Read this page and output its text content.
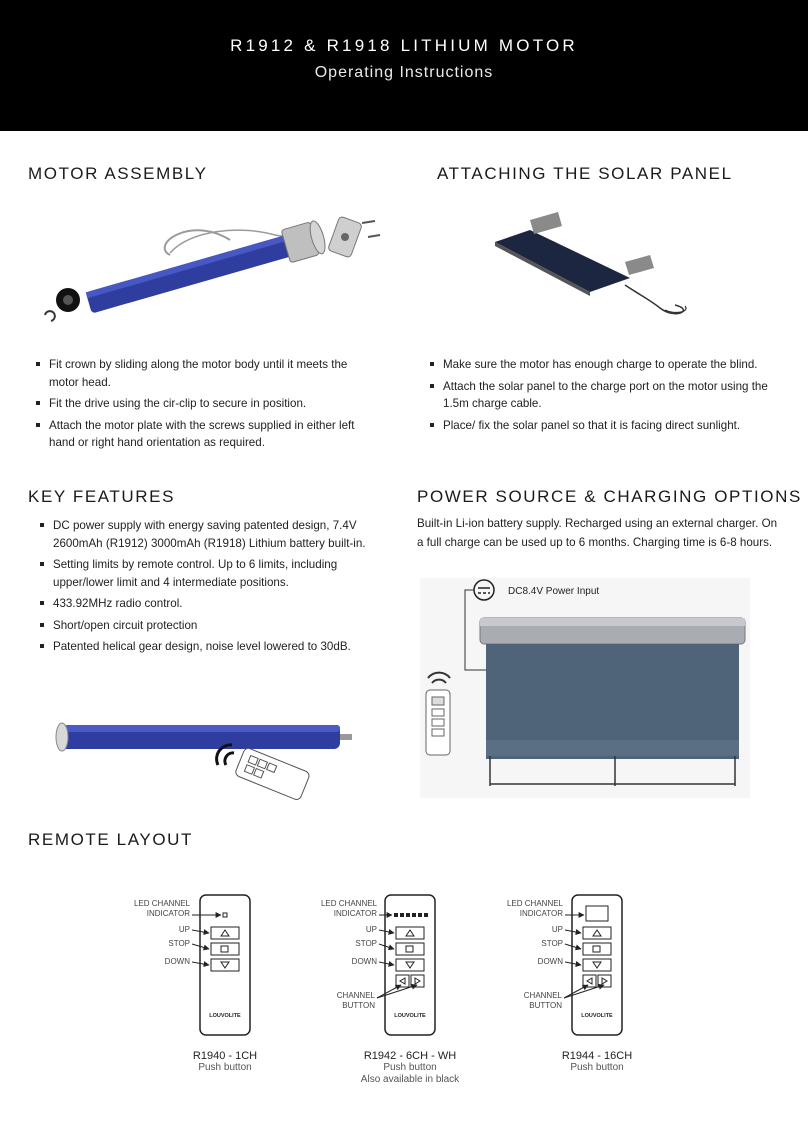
R1912 & R1918 LITHIUM MOTOR
Operating Instructions
MOTOR ASSEMBLY
Fit crown by sliding along the motor body until it meets the motor head.
Fit the drive using the cir-clip to secure in position.
Attach the motor plate with the screws supplied in either left hand or right hand orientation as required.
ATTACHING THE SOLAR PANEL
Make sure the motor has enough charge to operate the blind.
Attach the solar panel to the charge port on the motor using the 1.5m charge cable.
Place/ fix the solar panel so that it is facing direct sunlight.
KEY FEATURES
DC power supply with energy saving patented design, 7.4V 2600mAh (R1912) 3000mAh (R1918) Lithium battery built-in.
Setting limits by remote control. Up to 6 limits, including upper/lower limit and 4 intermediate positions.
433.92MHz radio control.
Short/open circuit protection
Patented helical gear design, noise level lowered to 30dB.
POWER SOURCE & CHARGING OPTIONS
Built-in Li-ion battery supply. Recharged using an external charger. On a full charge can be used up to 6 months. Charging time is 6-8 hours.
DC8.4V Power Input
REMOTE LAYOUT
LOUVOLITE
LED CHANNEL
INDICATOR
UP
STOP
DOWN
LOUVOLITE
LED CHANNEL
INDICATOR
UP
STOP
DOWN
CHANNEL
BUTTON
LOUVOLITE
LED CHANNEL
INDICATOR
UP
STOP
DOWN
CHANNEL
BUTTON
R1940 - 1CH
Push button
R1942 - 6CH - WH
Push button
Also available in black
R1944 - 16CH
Push button
